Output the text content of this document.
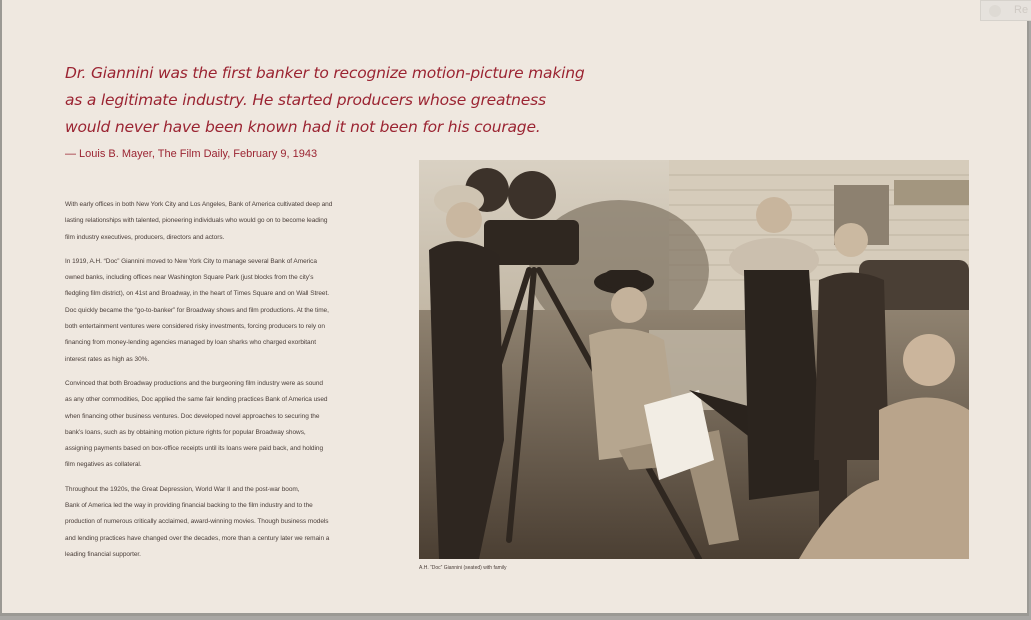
Re
Dr. Giannini was the first banker to recognize motion-picture making
as a legitimate industry. He started producers whose greatness
would never have been known had it not been for his courage.
— Louis B. Mayer, The Film Daily, February 9, 1943

With early offices in both New York City and Los Angeles, Bank of America cultivated deep and
lasting relationships with talented, pioneering individuals who would go on to become leading
film industry executives, producers, directors and actors.

In 1919, A.H. “Doc” Giannini moved to New York City to manage several Bank of America
owned banks, including offices near Washington Square Park (just blocks from the city’s
fledgling film district), on 41st and Broadway, in the heart of Times Square and on Wall Street.
Doc quickly became the “go-to-banker” for Broadway shows and film productions. At the time,
both entertainment ventures were considered risky investments, forcing producers to rely on
financing from money-lending agencies managed by loan sharks who charged exorbitant
interest rates as high as 30%.

Convinced that both Broadway productions and the burgeoning film industry were as sound
as any other commodities, Doc applied the same fair lending practices Bank of America used
when financing other business ventures. Doc developed novel approaches to securing the
bank’s loans, such as by obtaining motion picture rights for popular Broadway shows,
assigning payments based on box-office receipts until its loans were paid back, and holding
film negatives as collateral.

Throughout the 1920s, the Great Depression, World War II and the post-war boom,
Bank of America led the way in providing financial backing to the film industry and to the
production of numerous critically acclaimed, award-winning movies. Though business models
and lending practices have changed over the decades, more than a century later we remain a
leading financial supporter.

A.H. “Doc” Giannini (seated) with family
